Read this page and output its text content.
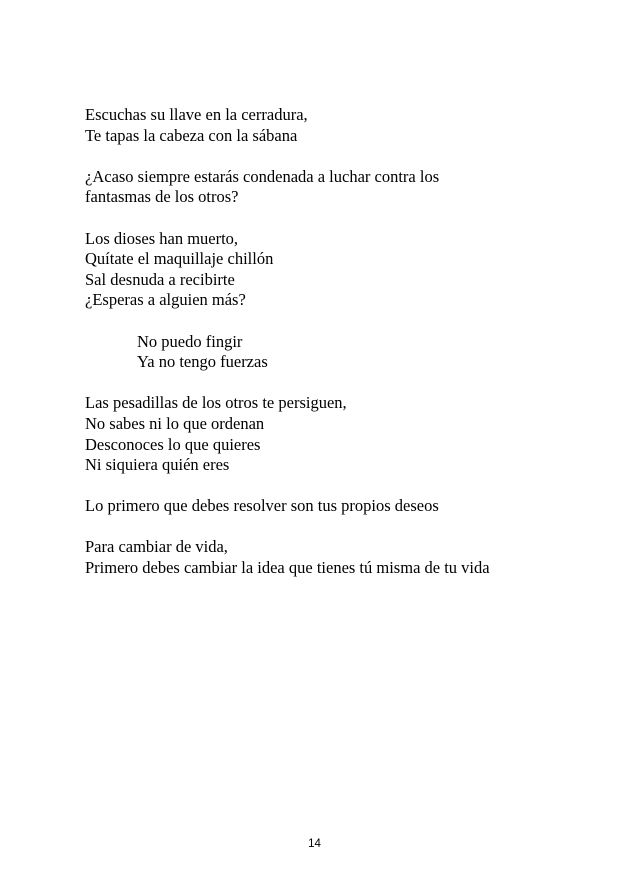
Escuchas su llave en la cerradura,
Te tapas la cabeza con la sábana
¿Acaso siempre estarás condenada a luchar contra los
fantasmas de los otros?
Los dioses han muerto,
Quítate el maquillaje chillón
Sal desnuda a recibirte
¿Esperas a alguien más?
No puedo fingir
Ya no tengo fuerzas
Las pesadillas de los otros te persiguen,
No sabes ni lo que ordenan
Desconoces lo que quieres
Ni siquiera quién eres
Lo primero que debes resolver son tus propios deseos
Para cambiar de vida,
Primero debes cambiar la idea que tienes tú misma de tu vida
14
